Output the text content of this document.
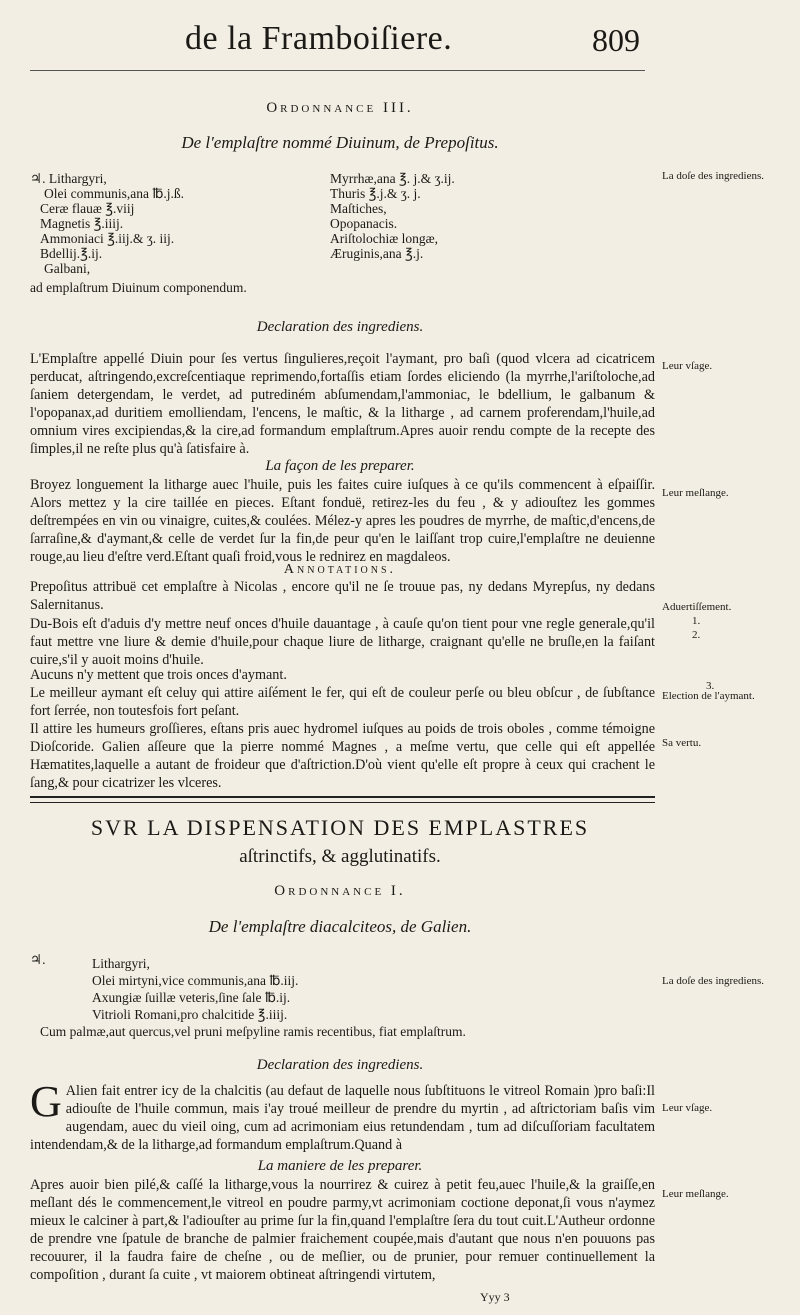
de la Framboiſiere.	809
Ordonnance III.
De l'emplaſtre nommé Diuinum, de Prepoſitus.
♃. Lithargyri,
Olei communis,ana ℔.j.ß.
Ceræ flauæ ℥.viij
Magnetis ℥.iiij.
Ammoniaci ℥.iij.& ʒ. iij.
Bdellij.℥.ij.
Galbani,
Myrrhæ,ana ℥. j.& ʒ.ij.
Thuris ℥.j.& ʒ. j.
Maſtiches,
Opopanacis.
Ariſtolochiæ longæ,
Æruginis,ana ℥.j.
ad emplaſtrum Diuinum componendum.
La doſe des ingrediens.
Declaration des ingrediens.

L'Emplaſtre appellé Diuin pour ſes vertus ſingulieres,reçoit l'aymant, pro baſi (quod vlcera ad cicatricem perducat, aſtringendo,excreſcentiaque reprimendo,fortaſſis etiam ſordes eliciendo (la myrrhe,l'ariſtoloche,ad ſaniem detergendam, le verdet, ad putrediném abſumendam,l'ammoniac, le bdellium, le galbanum & l'opopanax,ad duritiem emolliendam, l'encens, le maſtic, & la litharge , ad carnem proferendam,l'huile,ad omnium vires excipiendas,& la cire,ad formandum emplaſtrum.Apres auoir rendu compte de la recepte des ſimples,il ne reſte plus qu'à ſatisfaire à.

Leur vſage.
La façon de les preparer.

Broyez longuement la litharge auec l'huile, puis les faites cuire iuſques à ce qu'ils commencent à eſpaiſſir. Alors mettez y la cire taillée en pieces. Eſtant fonduë, retirez-les du feu , & y adiouſtez les gommes deſtrempées en vin ou vinaigre, cuites,& coulées. Mélez-y apres les poudres de myrrhe, de maſtic,d'encens,de ſarraſine,& d'aymant,& celle de verdet ſur la fin,de peur qu'en le laiſſant trop cuire,l'emplaſtre ne deuienne rouge,au lieu d'eſtre verd.Eſtant quaſi froid,vous le rednirez en magdaleos.

Leur meſlange.
Annotations.

Prepoſitus attribuë cet emplaſtre à Nicolas , encore qu'il ne ſe trouue pas, ny dedans Myrepſus, ny dedans Salernitanus.

Du-Bois eſt d'aduis d'y mettre neuf onces d'huile dauantage , à cauſe qu'on tient pour vne regle generale,qu'il faut mettre vne liure & demie d'huile,pour chaque liure de litharge, craignant qu'elle ne bruſle,en la faiſant cuire,s'il y auoit moins d'huile.

Aucuns n'y mettent que trois onces d'aymant.

Le meilleur aymant eſt celuy qui attire aiſément le fer, qui eſt de couleur perſe ou bleu obſcur , de ſubſtance fort ſerrée, non toutesfois fort peſant.

Il attire les humeurs groſſieres, eſtans pris auec hydromel iuſques au poids de trois oboles , comme témoigne Dioſcoride. Galien aſſeure que la pierre nommé Magnes , a meſme vertu, que celle qui eſt appellée Hæmatites,laquelle a autant de froideur que d'aſtriction.D'où vient qu'elle eſt propre à ceux qui crachent le ſang,& pour cicatrizer les vlceres.

Aduertiſſement.
1.
2.
3.
Election de l'aymant.
Sa vertu.
SVR LA DISPENSATION DES EMPLASTRES
aſtrinctifs, & agglutinatifs.
Ordonnance I.
De l'emplaſtre diacalciteos, de Galien.
♃.	Lithargyri,
Olei mirtyni,vice communis,ana ℔.iij.
Axungiæ ſuillæ veteris,ſine ſale ℔.ij.
Vitrioli Romani,pro chalcitide ℥.iiij.
Cum palmæ,aut quercus,vel pruni meſpyline ramis recentibus, fiat emplaſtrum.
La doſe des ingrediens.
Declaration des ingrediens.
G Alien fait entrer icy de la chalcitis (au defaut de laquelle nous ſubſtituons le vitreol Romain )pro baſi:Il adiouſte de l'huile commun, mais i'ay troué meilleur de prendre du myrtin , ad aſtrictoriam baſis vim augendam, auec du vieil oing, cum ad acrimoniam eius retundendam , tum ad diſcuſſoriam facultatem intendendam,& de la litharge,ad formandum emplaſtrum.Quand à
Leur vſage.
La maniere de les preparer.

Apres auoir bien pilé,& caſſé la litharge,vous la nourrirez & cuirez à petit feu,auec l'huile,& la graiſſe,en meſlant dés le commencement,le vitreol en poudre parmy,vt acrimoniam coctione deponat,ſi vous n'aymez mieux le calciner à part,& l'adiouſter au prime ſur la fin,quand l'emplaſtre ſera du tout cuit.L'Autheur ordonne de prendre vne ſpatule de branche de palmier fraichement coupée,mais d'autant que nous n'en pouuons pas recouurer, il la faudra faire de cheſne , ou de meſlier, ou de prunier, pour remuer continuellement la compoſition , durant ſa cuite , vt maiorem obtineat aſtringendi virtutem,

Leur meſlange.
Yyy 3
